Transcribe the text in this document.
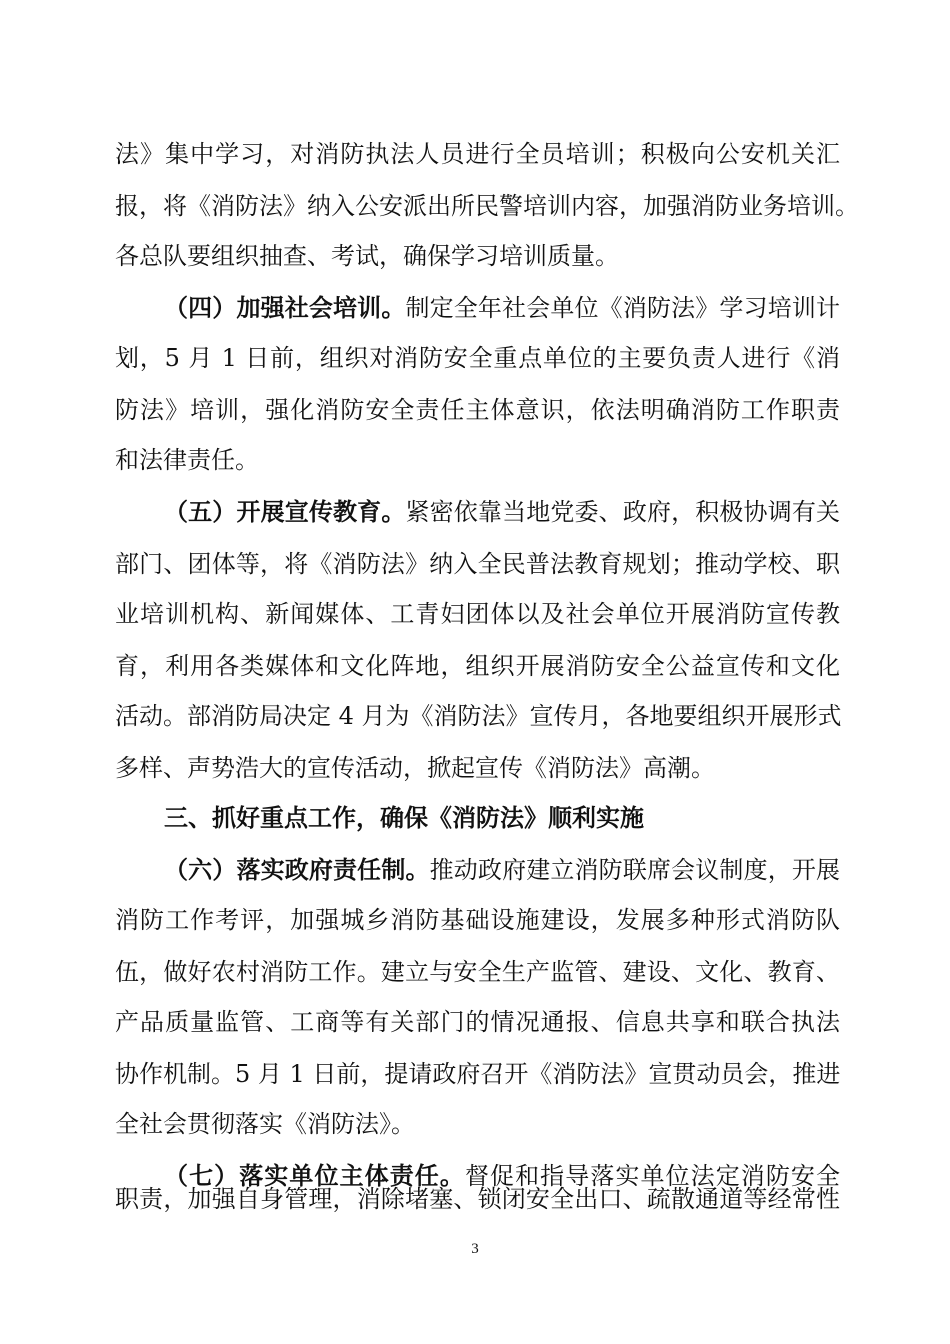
法》集中学习，对消防执法人员进行全员培训；积极向公安机关汇
报，将《消防法》纳入公安派出所民警培训内容，加强消防业务培训。
各总队要组织抽查、考试，确保学习培训质量。
（四）加强社会培训。制定全年社会单位《消防法》学习培训计
划，5 月 1 日前，组织对消防安全重点单位的主要负责人进行《消
防法》培训，强化消防安全责任主体意识，依法明确消防工作职责
和法律责任。
（五）开展宣传教育。紧密依靠当地党委、政府，积极协调有关
部门、团体等，将《消防法》纳入全民普法教育规划；推动学校、职
业培训机构、新闻媒体、工青妇团体以及社会单位开展消防宣传教
育，利用各类媒体和文化阵地，组织开展消防安全公益宣传和文化
活动。部消防局决定 4 月为《消防法》宣传月，各地要组织开展形式
多样、声势浩大的宣传活动，掀起宣传《消防法》高潮。
三、抓好重点工作，确保《消防法》顺利实施
（六）落实政府责任制。推动政府建立消防联席会议制度，开展
消防工作考评，加强城乡消防基础设施建设，发展多种形式消防队
伍，做好农村消防工作。建立与安全生产监管、建设、文化、教育、
产品质量监管、工商等有关部门的情况通报、信息共享和联合执法
协作机制。5 月 1 日前，提请政府召开《消防法》宣贯动员会，推进
全社会贯彻落实《消防法》。
（七）落实单位主体责任。督促和指导落实单位法定消防安全
3
职责，加强自身管理，消除堵塞、锁闭安全出口、疏散通道等经常性
